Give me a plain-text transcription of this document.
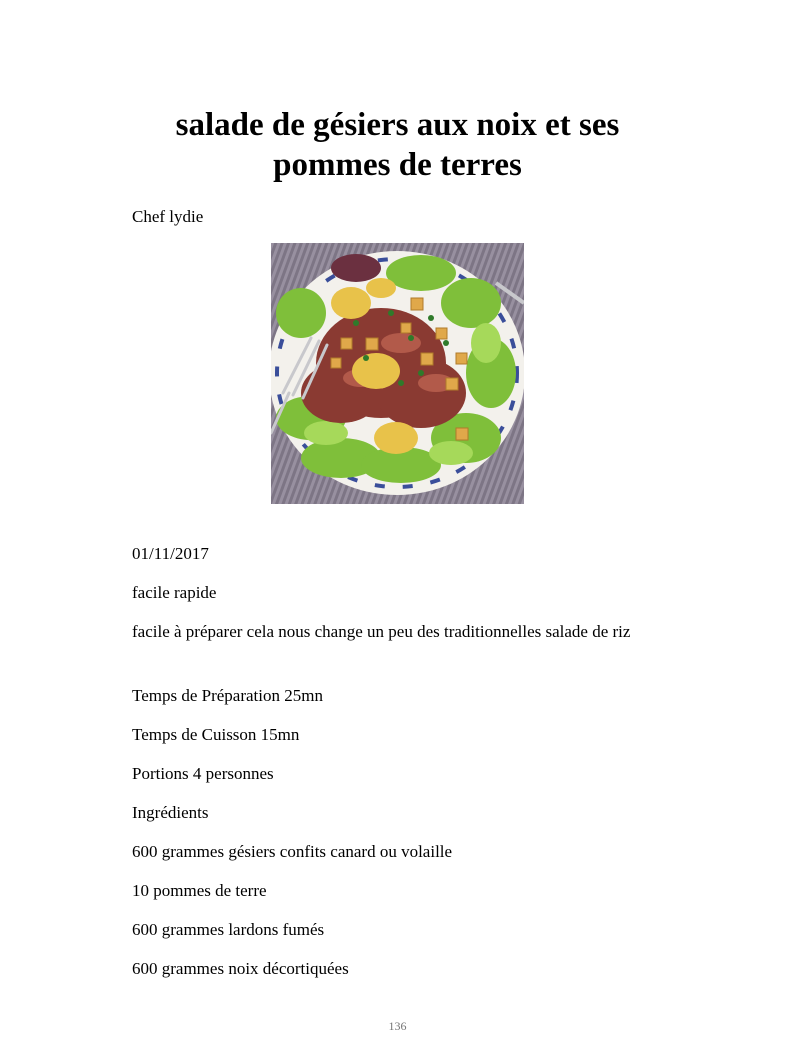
salade de gésiers aux noix et ses
pommes de terres
Chef lydie
01/11/2017
facile rapide
facile à préparer cela nous change un peu des traditionnelles salade de riz
Temps de Préparation 25mn
Temps de Cuisson 15mn
Portions 4 personnes
Ingrédients
600 grammes gésiers confits canard ou volaille
10 pommes de terre
600 grammes lardons fumés
600 grammes noix décortiquées
136
